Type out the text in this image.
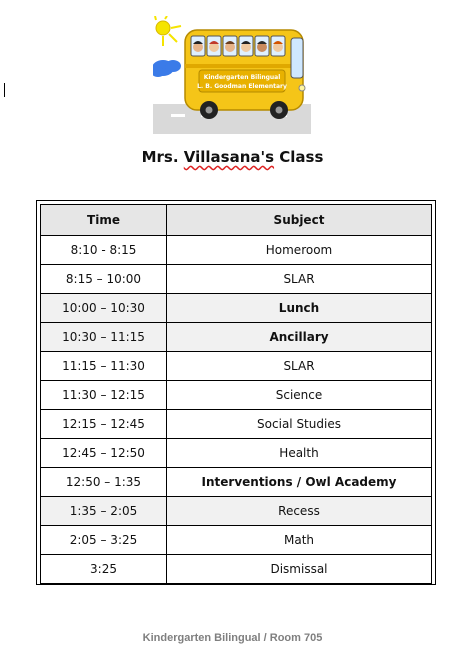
Kindergarten Bilingual
L. B. Goodman Elementary
Mrs. Villasana's Class
Time	Subject
8:10 - 8:15	Homeroom
8:15 – 10:00	SLAR
10:00 – 10:30	Lunch
10:30 – 11:15	Ancillary
11:15 – 11:30	SLAR
11:30 – 12:15	Science
12:15 – 12:45	Social Studies
12:45 – 12:50	Health
12:50 – 1:35	Interventions / Owl Academy
1:35 – 2:05	Recess
2:05 – 3:25	Math
3:25	Dismissal
Kindergarten Bilingual / Room 705
